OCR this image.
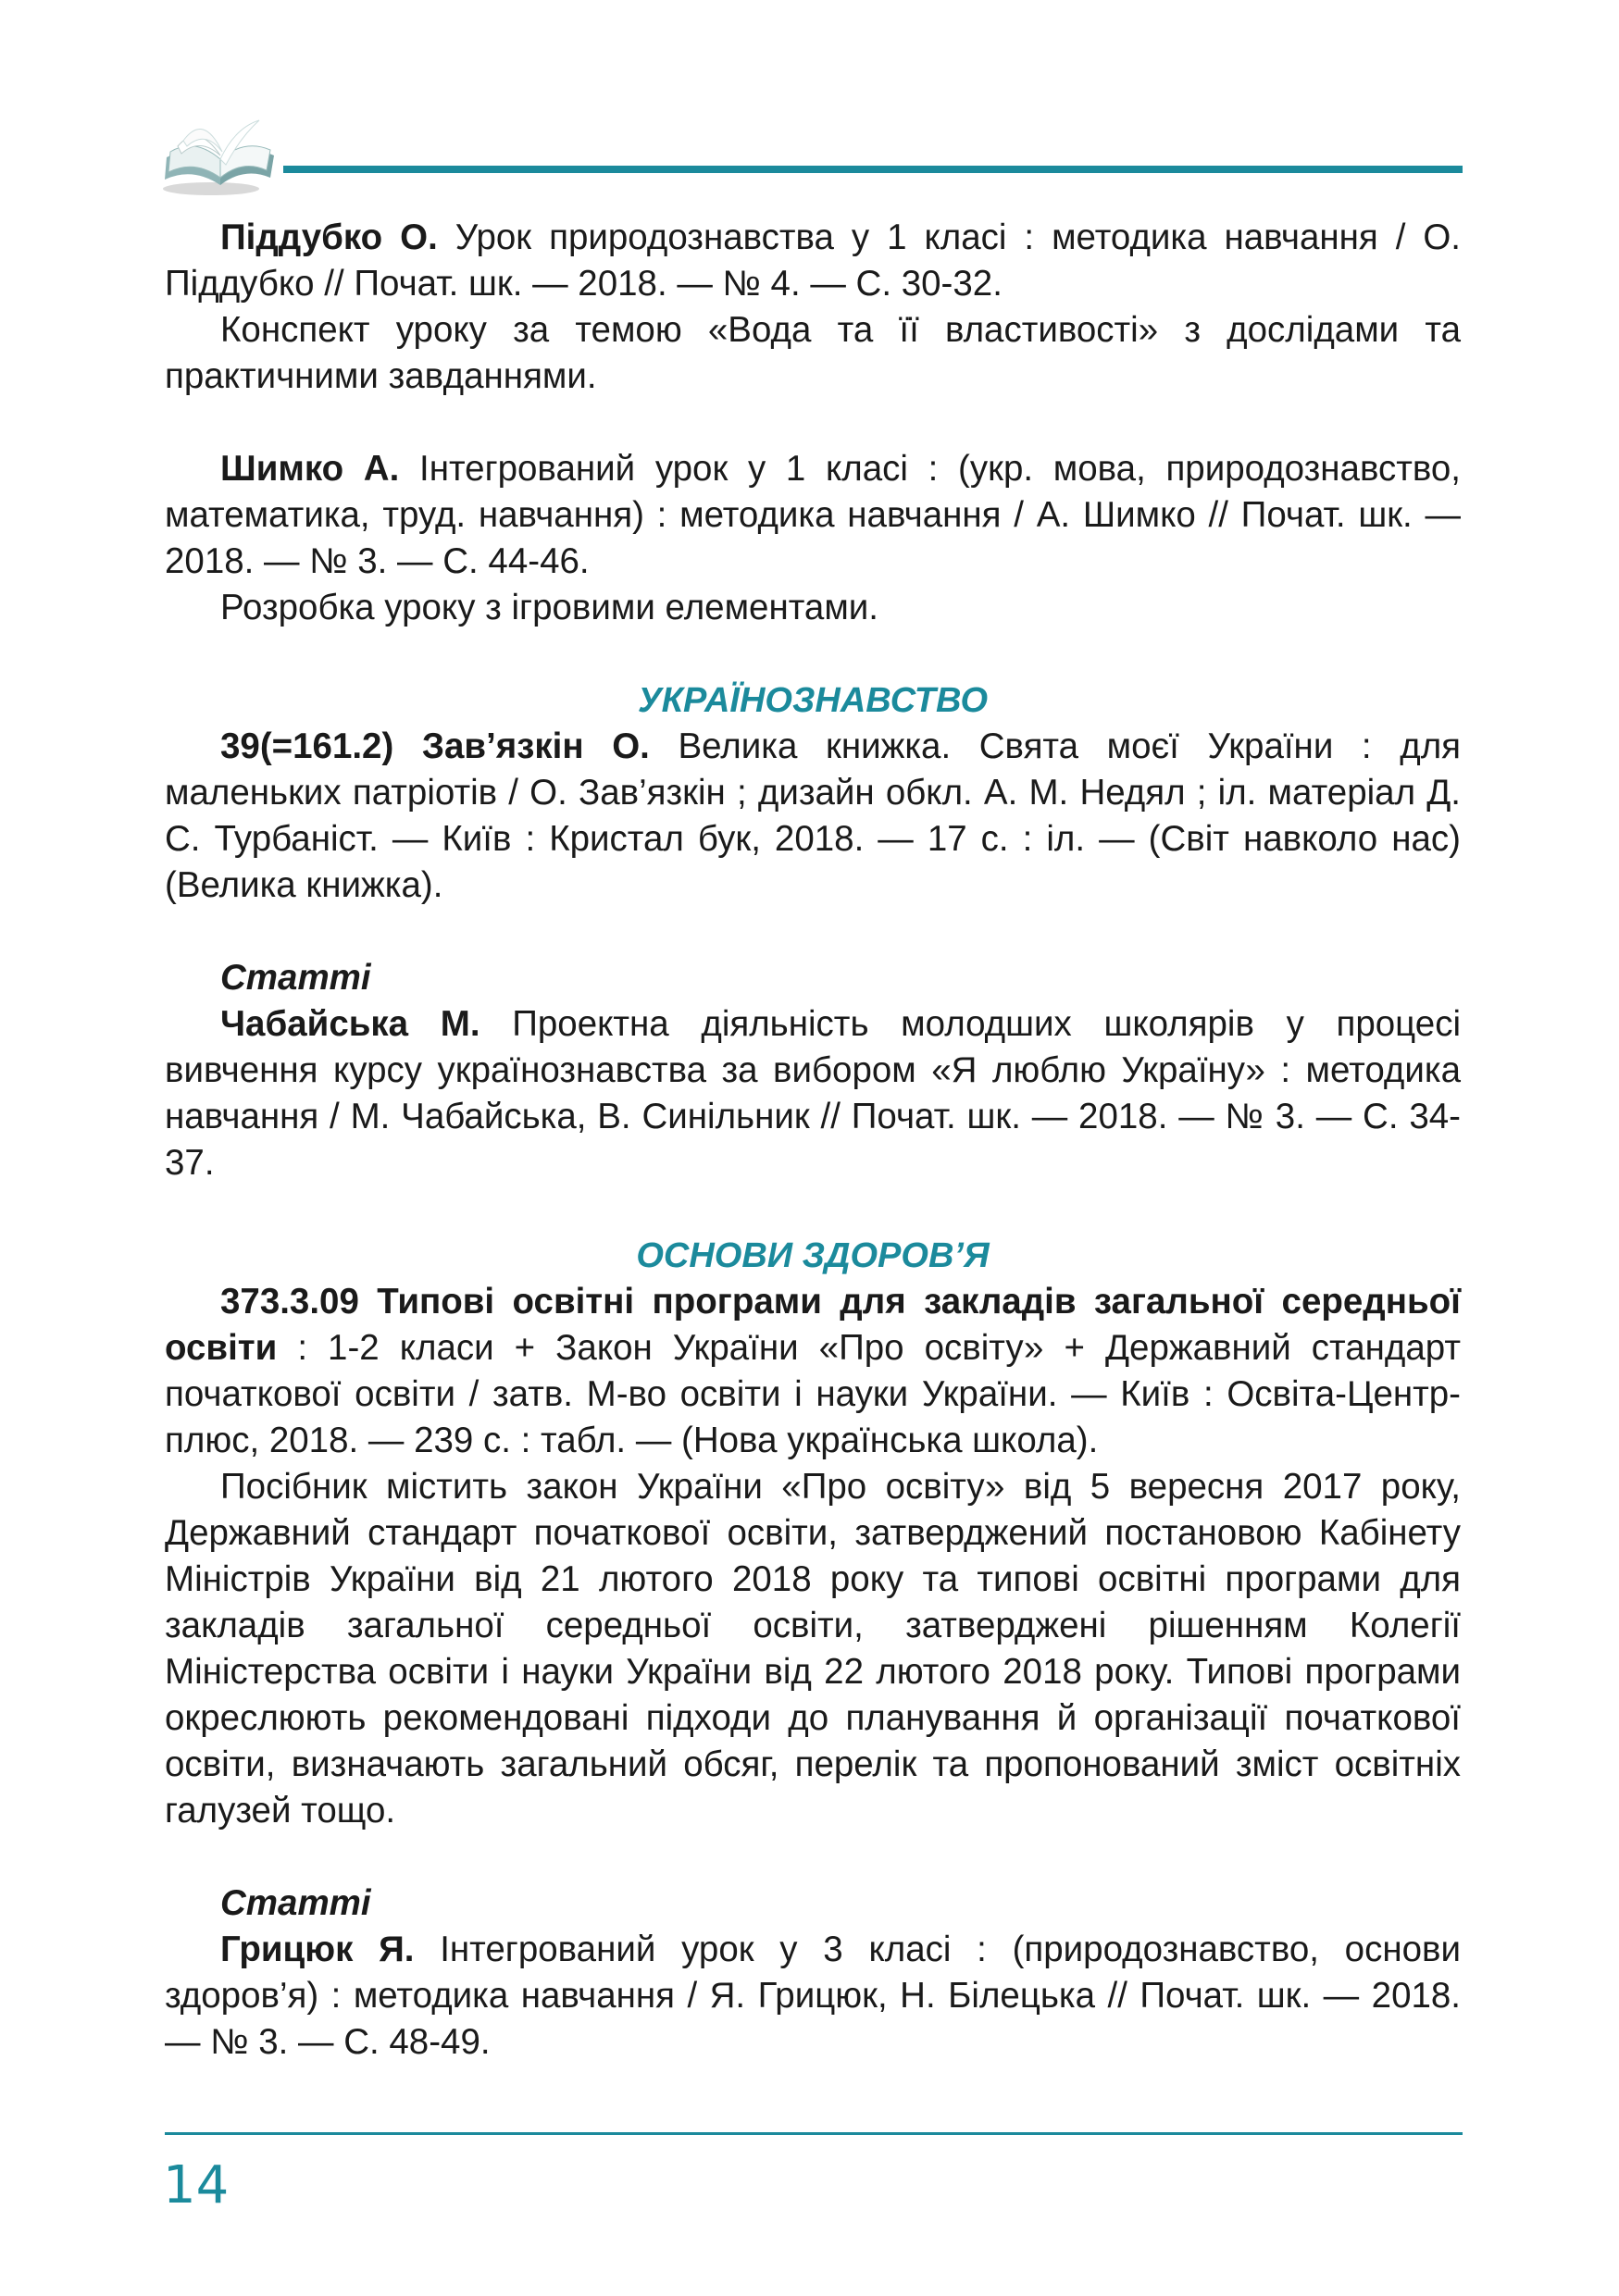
Піддубко О. Урок природознавства у 1 класі : методика навчання / О. Піддубко // Почат. шк. — 2018. — № 4. — С. 30-32.

Конспект уроку за темою «Вода та її властивості» з дослідами та практичними завданнями.

Шимко А. Інтегрований урок у 1 класі : (укр. мова, природознавство, математика, труд. навчання) : методика навчання / А. Шимко // Почат. шк. — 2018. — № 3. — С. 44-46.

Розробка уроку з ігровими елементами.

УКРАЇНОЗНАВСТВО

39(=161.2) Зав’язкін О. Велика книжка. Свята моєї України : для маленьких патріотів / О. Зав’язкін ; дизайн обкл. А. М. Недял ; іл. матеріал Д. С. Турбаніст. — Київ : Кристал бук, 2018. — 17 с. : іл. — (Світ навколо нас) (Велика книжка).

Статті

Чабайська М. Проектна діяльність молодших школярів у процесі вивчення курсу українознавства за вибором «Я люблю Україну» : методика навчання / М. Чабайська, В. Синільник // Почат. шк. — 2018. — № 3. — С. 34-37.

ОСНОВИ ЗДОРОВ’Я

373.3.09 Типові освітні програми для закладів загальної середньої освіти : 1-2 класи + Закон України «Про освіту» + Державний стандарт початкової освіти / затв. М-во освіти і науки України. — Київ : Освіта-Центр-плюс, 2018. — 239 с. : табл. — (Нова українська школа).

Посібник містить закон України «Про освіту» від 5 вересня 2017 року, Державний стандарт початкової освіти, затверджений постановою Кабінету Міністрів України від 21 лютого 2018 року та типові освітні програми для закладів загальної середньої освіти, затверджені рішенням Колегії Міністерства освіти і науки України від 22 лютого 2018 року. Типові програми окреслюють рекомендовані підходи до планування й організації початкової освіти, визначають загальний обсяг, перелік та пропонований зміст освітніх галузей тощо.

Статті

Грицюк Я. Інтегрований урок у 3 класі : (природознавство, основи здоров’я) : методика навчання / Я. Грицюк, Н. Білецька // Почат. шк. — 2018. — № 3. — С. 48-49.

14
